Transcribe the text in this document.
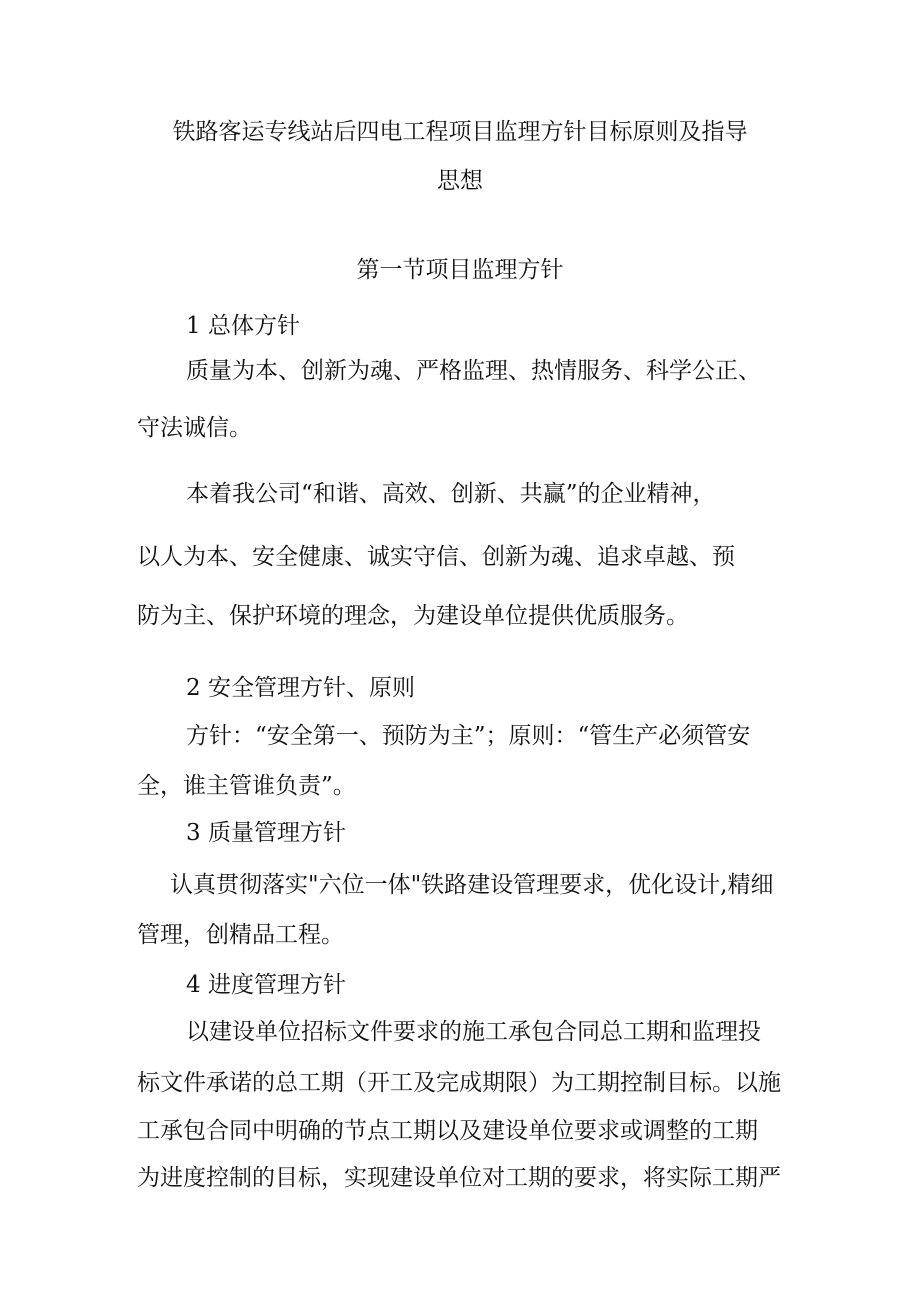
铁路客运专线站后四电工程项目监理方针目标原则及指导

思想

第一节项目监理方针

1 总体方针

质量为本、创新为魂、严格监理、热情服务、科学公正、

守法诚信。

本着我公司“和谐、高效、创新、共赢”的企业精神，

以人为本、安全健康、诚实守信、创新为魂、追求卓越、预

防为主、保护环境的理念，为建设单位提供优质服务。

2 安全管理方针、原则

方针：“安全第一、预防为主”；原则：“管生产必须管安

全，谁主管谁负责”。

3 质量管理方针

认真贯彻落实"六位一体"铁路建设管理要求，优化设计,精细

管理，创精品工程。

4 进度管理方针

以建设单位招标文件要求的施工承包合同总工期和监理投

标文件承诺的总工期（开工及完成期限）为工期控制目标。以施

工承包合同中明确的节点工期以及建设单位要求或调整的工期

为进度控制的目标，实现建设单位对工期的要求，将实际工期严
